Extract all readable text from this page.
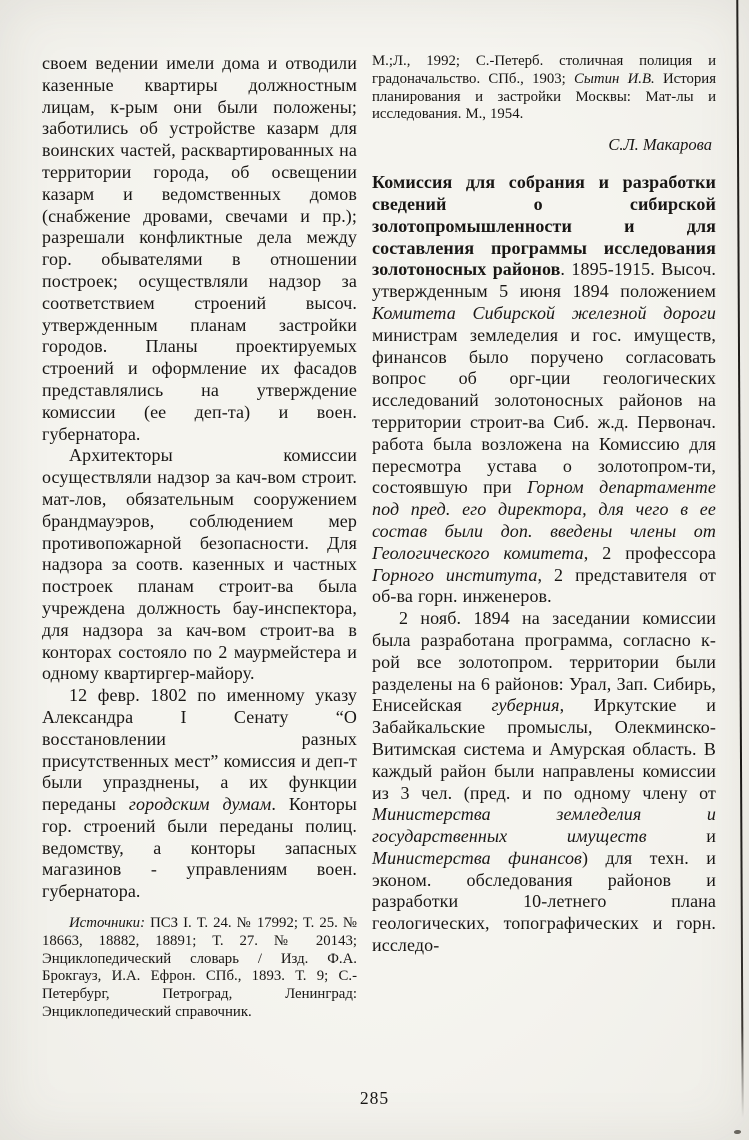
своем ведении имели дома и отводили казенные квартиры должностным лицам, к-рым они были положены; заботились об устройстве казарм для воинских частей, расквартированных на территории города, об освещении казарм и ведомственных домов (снабжение дровами, свечами и пр.); разрешали конфликтные дела между гор. обывателями в отношении построек; осуществляли надзор за соответствием строений высоч. утвержденным планам застройки городов. Планы проектируемых строений и оформление их фасадов представлялись на утверждение комиссии (ее деп-та) и воен. губернатора.

Архитекторы комиссии осуществляли надзор за кач-вом строит. мат-лов, обязательным сооружением брандмауэров, соблюдением мер противопожарной безопасности. Для надзора за соотв. казенных и частных построек планам строит-ва была учреждена должность бау-инспектора, для надзора за кач-вом строит-ва в конторах состояло по 2 маурмейстера и одному квартиргер-майору.

12 февр. 1802 по именному указу Александра I Сенату “О восстановлении разных присутственных мест” комиссия и деп-т были упразднены, а их функции переданы городским думам. Конторы гор. строений были переданы полиц. ведомству, а конторы запасных магазинов - управлениям воен. губернатора.

Источники: ПСЗ I. Т. 24. № 17992; Т. 25. № 18663, 18882, 18891; Т. 27. № 20143; Энциклопедический словарь / Изд. Ф.А. Брокгауз, И.А. Ефрон. СПб., 1893. Т. 9; С.-Петербург, Петроград, Ленинград: Энциклопедический справочник.

М.;Л., 1992; С.-Петерб. столичная полиция и градоначальство. СПб., 1903; Сытин И.В. История планирования и застройки Москвы: Мат-лы и исследования. М., 1954.

С.Л. Макарова

Комиссия для собрания и разработки сведений о сибирской золотопромышленности и для составления программы исследования золотоносных районов. 1895-1915. Высоч. утвержденным 5 июня 1894 положением Комитета Сибирской железной дороги министрам земледелия и гос. имуществ, финансов было поручено согласовать вопрос об орг-ции геологических исследований золотоносных районов на территории строит-ва Сиб. ж.д. Первонач. работа была возложена на Комиссию для пересмотра устава о золотопром-ти, состоявшую при Горном департаменте под пред. его директора, для чего в ее состав были доп. введены члены от Геологического комитета, 2 профессора Горного института, 2 представителя от об-ва горн. инженеров.

2 нояб. 1894 на заседании комиссии была разработана программа, согласно к-рой все золотопром. территории были разделены на 6 районов: Урал, Зап. Сибирь, Енисейская губерния, Иркутские и Забайкальские промыслы, Олекминско-Витимская система и Амурская область. В каждый район были направлены комиссии из 3 чел. (пред. и по одному члену от Министерства земледелия и государственных имуществ и Министерства финансов) для техн. и эконом. обследования районов и разработки 10-летнего плана геологических, топографических и горн. исследо-

285
